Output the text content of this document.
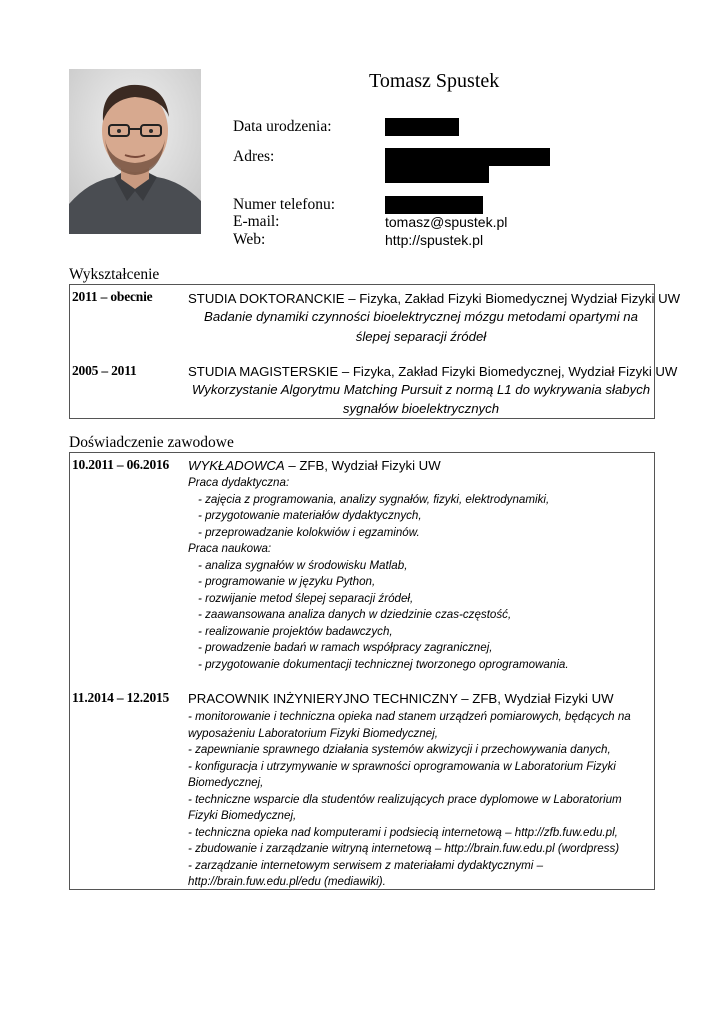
Tomasz Spustek
Data urodzenia:
Adres:
Numer telefonu:
E-mail:	tomasz@spustek.pl
Web:	http://spustek.pl
Wykształcenie
2011 – obecnie	STUDIA DOKTORANCKIE – Fizyka, Zakład Fizyki Biomedycznej Wydział Fizyki UW
Badanie dynamiki czynności bioelektrycznej mózgu metodami opartymi na
ślepej separacji źródeł
2005 – 2011	STUDIA MAGISTERSKIE – Fizyka, Zakład Fizyki Biomedycznej, Wydział Fizyki UW
Wykorzystanie Algorytmu Matching Pursuit z normą L1 do wykrywania słabych
sygnałów bioelektrycznych
Doświadczenie zawodowe
10.2011 – 06.2016 WYKŁADOWCA – ZFB, Wydział Fizyki UW
Praca dydaktyczna:
- zajęcia z programowania, analizy sygnałów, fizyki, elektrodynamiki,
- przygotowanie materiałów dydaktycznych,
- przeprowadzanie kolokwiów i egzaminów.
Praca naukowa:
- analiza sygnałów w środowisku Matlab,
- programowanie w języku Python,
- rozwijanie metod ślepej separacji źródeł,
- zaawansowana analiza danych w dziedzinie czas-częstość,
- realizowanie projektów badawczych,
- prowadzenie badań w ramach współpracy zagranicznej,
- przygotowanie dokumentacji technicznej tworzonego oprogramowania.
11.2014 – 12.2015 PRACOWNIK INŻYNIERYJNO TECHNICZNY – ZFB, Wydział Fizyki UW
- monitorowanie i techniczna opieka nad stanem urządzeń pomiarowych, będących na
wyposażeniu Laboratorium Fizyki Biomedycznej,
- zapewnianie sprawnego działania systemów akwizycji i przechowywania danych,
- konfiguracja i utrzymywanie w sprawności oprogramowania w Laboratorium Fizyki
Biomedycznej,
- techniczne wsparcie dla studentów realizujących prace dyplomowe w Laboratorium
Fizyki Biomedycznej,
- techniczna opieka nad komputerami i podsiecią internetową – http://zfb.fuw.edu.pl,
- zbudowanie i zarządzanie witryną internetową – http://brain.fuw.edu.pl (wordpress)
- zarządzanie internetowym serwisem z materiałami dydaktycznymi –
http://brain.fuw.edu.pl/edu (mediawiki).
